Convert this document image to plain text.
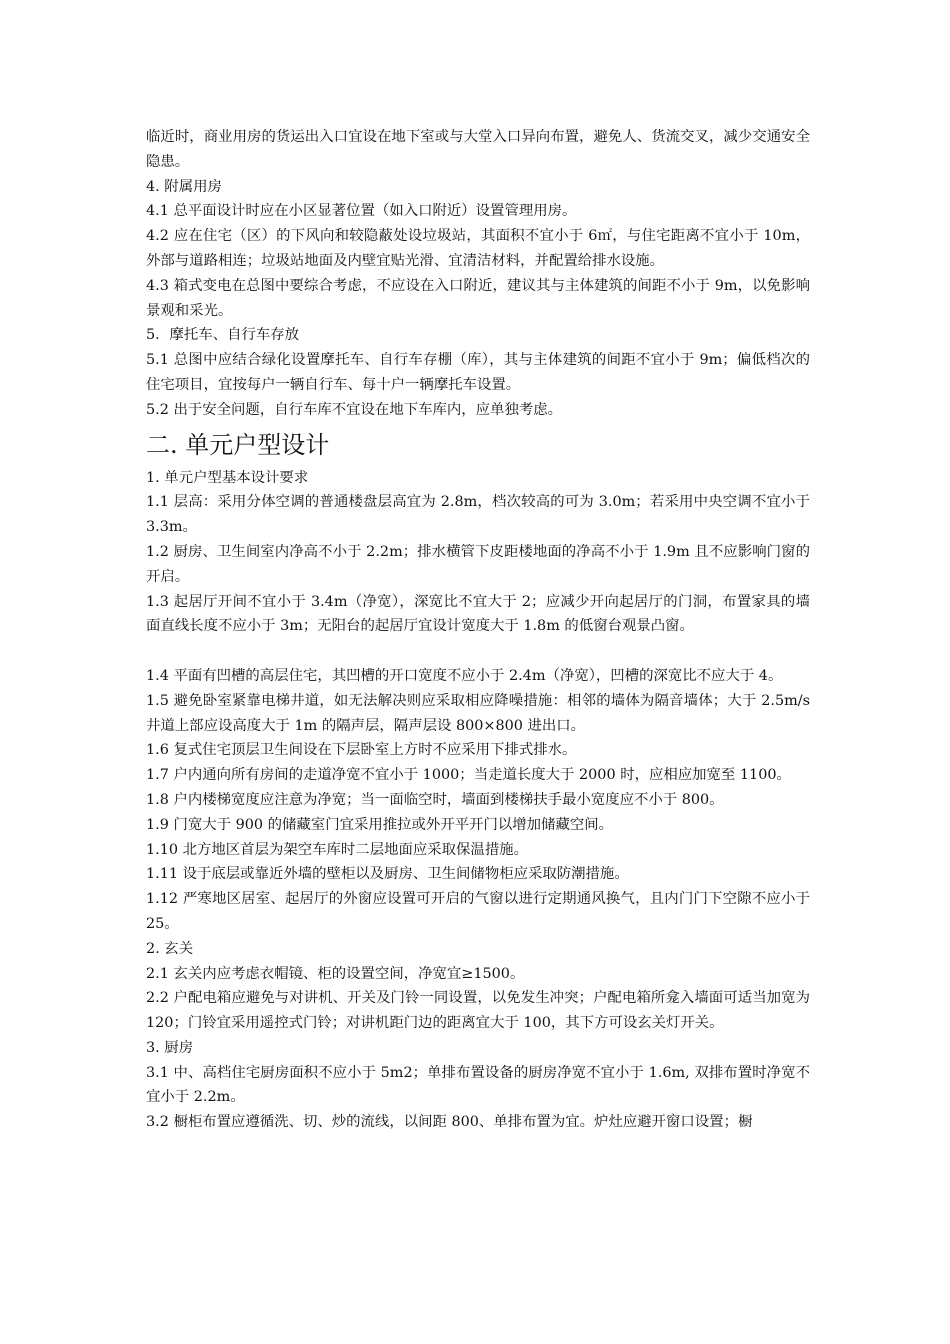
临近时，商业用房的货运出入口宜设在地下室或与大堂入口异向布置，避免人、货流交叉，减少交通安全隐患。

4. 附属用房

4.1 总平面设计时应在小区显著位置（如入口附近）设置管理用房。

4.2 应在住宅（区）的下风向和较隐蔽处设垃圾站，其面积不宜小于 6㎡，与住宅距离不宜小于 10m，外部与道路相连；垃圾站地面及内壁宜贴光滑、宜清洁材料，并配置给排水设施。

4.3 箱式变电在总图中要综合考虑，不应设在入口附近，建议其与主体建筑的间距不小于 9m，以免影响景观和采光。

5．摩托车、自行车存放

5.1 总图中应结合绿化设置摩托车、自行车存棚（库），其与主体建筑的间距不宜小于 9m；偏低档次的住宅项目，宜按每户一辆自行车、每十户一辆摩托车设置。

5.2 出于安全问题，自行车库不宜设在地下车库内，应单独考虑。

二. 单元户型设计

1. 单元户型基本设计要求

1.1 层高：采用分体空调的普通楼盘层高宜为 2.8m，档次较高的可为 3.0m；若采用中央空调不宜小于 3.3m。

1.2 厨房、卫生间室内净高不小于 2.2m；排水横管下皮距楼地面的净高不小于 1.9m 且不应影响门窗的开启。

1.3 起居厅开间不宜小于 3.4m（净宽），深宽比不宜大于 2；应减少开向起居厅的门洞，布置家具的墙面直线长度不应小于 3m；无阳台的起居厅宜设计宽度大于 1.8m 的低窗台观景凸窗。

1.4 平面有凹槽的高层住宅，其凹槽的开口宽度不应小于 2.4m（净宽），凹槽的深宽比不应大于 4。

1.5 避免卧室紧靠电梯井道，如无法解决则应采取相应降噪措施：相邻的墙体为隔音墙体；大于 2.5m/s 井道上部应设高度大于 1m 的隔声层，隔声层设 800×800 进出口。

1.6 复式住宅顶层卫生间设在下层卧室上方时不应采用下排式排水。

1.7 户内通向所有房间的走道净宽不宜小于 1000；当走道长度大于 2000 时，应相应加宽至 1100。

1.8 户内楼梯宽度应注意为净宽；当一面临空时，墙面到楼梯扶手最小宽度应不小于 800。

1.9 门宽大于 900 的储藏室门宜采用推拉或外开平开门以增加储藏空间。

1.10 北方地区首层为架空车库时二层地面应采取保温措施。

1.11 设于底层或靠近外墙的壁柜以及厨房、卫生间储物柜应采取防潮措施。

1.12 严寒地区居室、起居厅的外窗应设置可开启的气窗以进行定期通风换气，且内门门下空隙不应小于 25。

2. 玄关

2.1 玄关内应考虑衣帽镜、柜的设置空间，净宽宜≥1500。

2.2 户配电箱应避免与对讲机、开关及门铃一同设置，以免发生冲突；户配电箱所龛入墙面可适当加宽为 120；门铃宜采用遥控式门铃；对讲机距门边的距离宜大于 100，其下方可设玄关灯开关。

3. 厨房

3.1 中、高档住宅厨房面积不应小于 5m2；单排布置设备的厨房净宽不宜小于 1.6m, 双排布置时净宽不宜小于 2.2m。

3.2 橱柜布置应遵循洗、切、炒的流线，以间距 800、单排布置为宜。炉灶应避开窗口设置；橱
